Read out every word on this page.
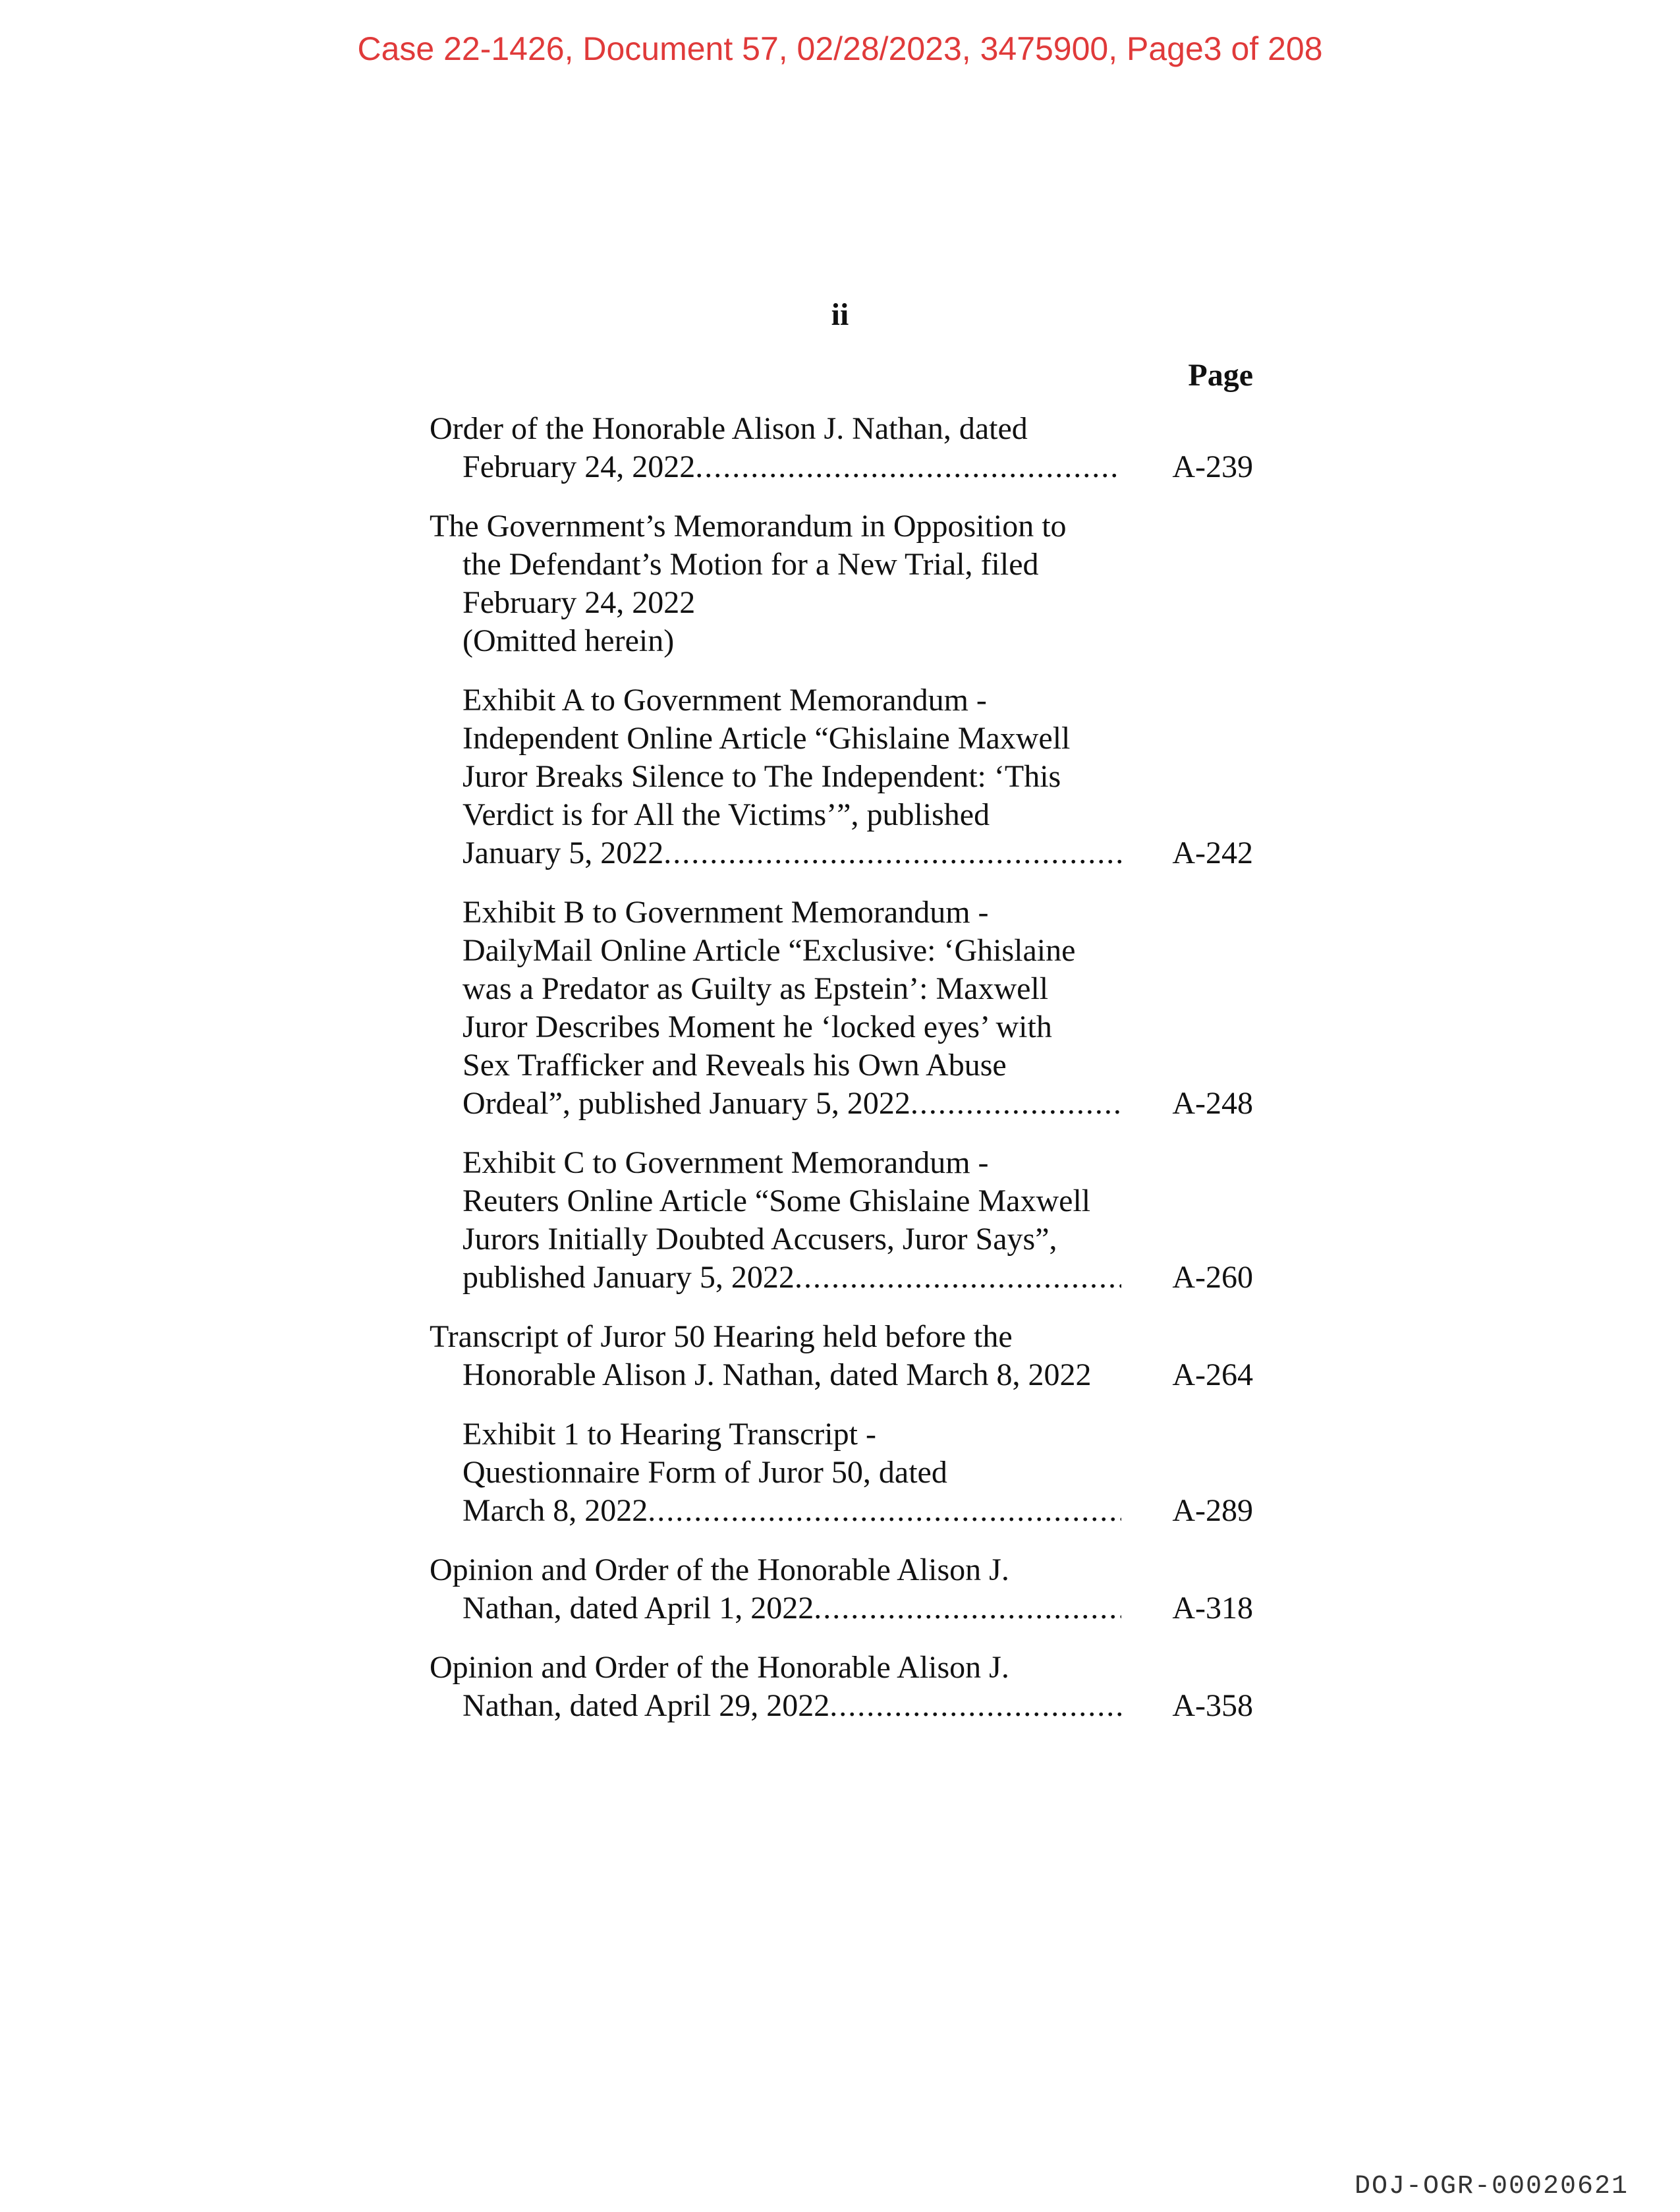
Case 22-1426, Document 57, 02/28/2023, 3475900, Page3 of 208
ii
Page
Order of the Honorable Alison J. Nathan, dated
February 24, 2022 .....	A-239
The Government’s Memorandum in Opposition to
the Defendant’s Motion for a New Trial, filed
February 24, 2022
(Omitted herein)
Exhibit A to Government Memorandum -
Independent Online Article “Ghislaine Maxwell
Juror Breaks Silence to The Independent: ‘This
Verdict is for All the Victims’”, published
January 5, 2022 .....	A-242
Exhibit B to Government Memorandum -
DailyMail Online Article “Exclusive: ‘Ghislaine
was a Predator as Guilty as Epstein’: Maxwell
Juror Describes Moment he ‘locked eyes’ with
Sex Trafficker and Reveals his Own Abuse
Ordeal”, published January 5, 2022 .....	A-248
Exhibit C to Government Memorandum -
Reuters Online Article “Some Ghislaine Maxwell
Jurors Initially Doubted Accusers, Juror Says”,
published January 5, 2022 .....	A-260
Transcript of Juror 50 Hearing held before the
Honorable Alison J. Nathan, dated March 8, 2022	A-264
Exhibit 1 to Hearing Transcript -
Questionnaire Form of Juror 50, dated
March 8, 2022 .....	A-289
Opinion and Order of the Honorable Alison J.
Nathan, dated April 1, 2022 .....	A-318
Opinion and Order of the Honorable Alison J.
Nathan, dated April 29, 2022 .....	A-358
DOJ-OGR-00020621
